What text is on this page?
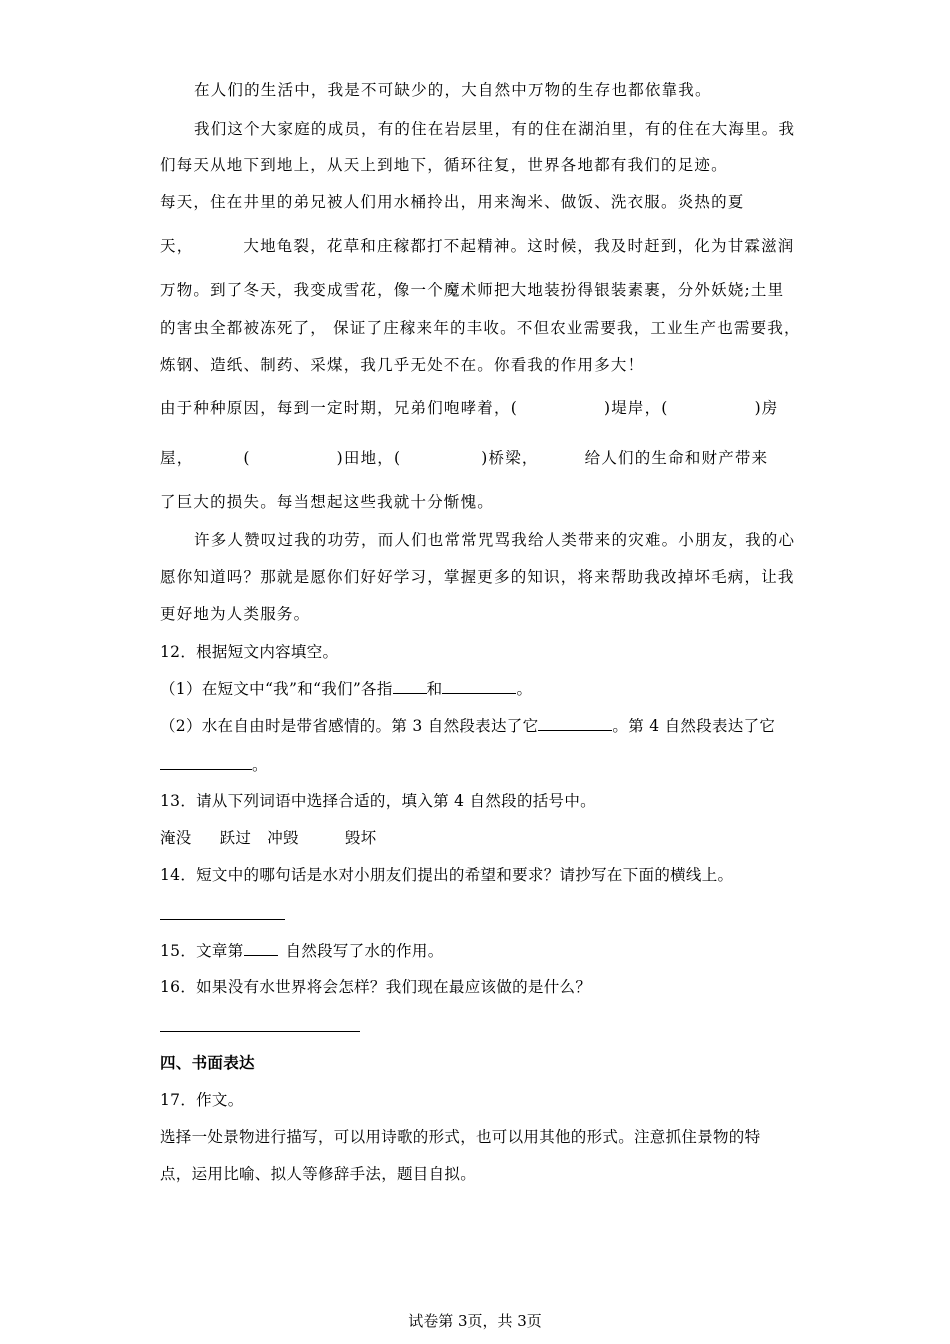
在人们的生活中，我是不可缺少的，大自然中万物的生存也都依靠我。
我们这个大家庭的成员，有的住在岩层里，有的住在湖泊里，有的住在大海里。我
们每天从地下到地上，从天上到地下，循环往复，世界各地都有我们的足迹。
每天，住在井里的弟兄被人们用水桶拎出，用来淘米、做饭、洗衣服。炎热的夏
天，	大地龟裂，花草和庄稼都打不起精神。这时候，我及时赶到，化为甘霖滋润
万物。到了冬天，我变成雪花，像一个魔术师把大地装扮得银装素裹，分外妖娆;土里
的害虫全都被冻死了， 保证了庄稼来年的丰收。不但农业需要我，工业生产也需要我，
炼钢、造纸、制药、采煤，我几乎无处不在。你看我的作用多大！
由于种种原因，每到一定时期，兄弟们咆哮着，(	)堤岸，(	)房
屋，	(	)田地，(	)桥梁，	给人们的生命和财产带来
了巨大的损失。每当想起这些我就十分惭愧。
许多人赞叹过我的功劳，而人们也常常咒骂我给人类带来的灾难。小朋友，我的心
愿你知道吗？那就是愿你们好好学习，掌握更多的知识，将来帮助我改掉坏毛病，让我
更好地为人类服务。
12．根据短文内容填空。
（1）在短文中“我”和“我们”各指 和	。
（2）水在自由时是带省感情的。第 3 自然段表达了它	。第 4 自然段表达了它
。
13．请从下列词语中选择合适的，填入第 4 自然段的括号中。
淹没 跃过 冲毁	毁坏
14．短文中的哪句话是水对小朋友们提出的希望和要求？请抄写在下面的横线上。
15．文章第	自然段写了水的作用。
16．如果没有水世界将会怎样？我们现在最应该做的是什么？
四、书面表达
17．作文。
选择一处景物进行描写，可以用诗歌的形式，也可以用其他的形式。注意抓住景物的特
点，运用比喻、拟人等修辞手法，题目自拟。
试卷第 3页，共 3页
